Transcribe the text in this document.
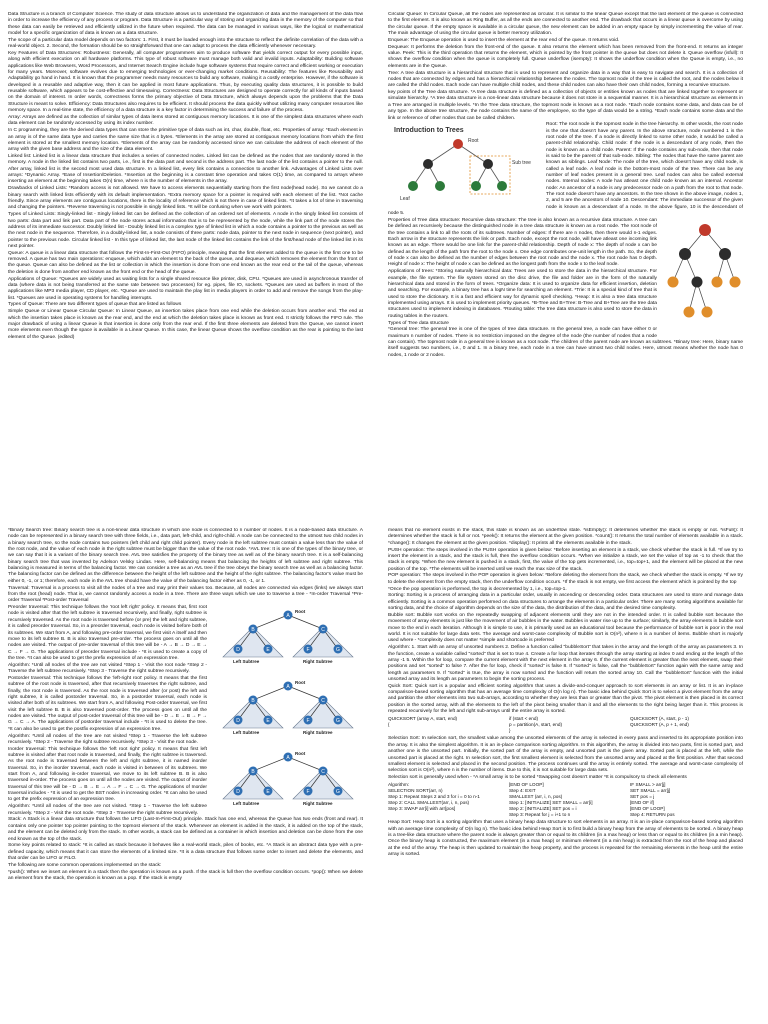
Data Structure is a branch of Computer Science. The study of data structure allows us to understand the organization of data and the management of the data flow in order to increase the efficiency of any process or program. Data Structure is a particular way of storing and organizing data in the memory of the computer so that these data can easily be retrieved and efficiently utilized in the future when required. The data can be managed in various ways, like the logical or mathematical model for a specific organization of data is known as a data structure.

The scope of a particular data model depends on two factors: 1. First, it must be loaded enough into the structure to reflect the definite correlation of the data with a real-world object. 2. Second, the formation should be so straightforward that one can adapt to process the data efficiently whenever necessary.

Key Features of Data Structures: Robustness: Generally, all computer programmers aim to produce software that yields correct output for every possible input, along with efficient execution on all hardware platforms. This type of robust software must manage both valid and invalid inputs. Adaptability: Building software applications like Web Browsers, Word Processors, and Internet Search Engine include huge software systems that require correct and efficient working or execution for many years. Moreover, software evolves due to emerging technologies or ever-changing market conditions. Reusability: The features like Reusability and Adaptability go hand in hand. It is known that the programmer needs many resources to build any software, making it a costly enterprise. However, if the software is developed in a reusable and adaptive way, then it can be applied in most future applications. Thus, by executing quality data structures, it is possible to build reusable software, which appears to be cost-effective and timesaving. Correctness: Data Structures are designed to operate correctly for all kinds of inputs based on the domain of interest. In order words, correctness forms the primary objective of Data Structure, which always depends upon the problems that the Data Structure is meant to solve. Efficiency: Data Structures also requires to be efficient. It should process the data quickly without utilizing many computer resources like memory space. In a real-time state, the efficiency of a data structure is a key factor in determining the success and failure of the process.

Array: Arrays are defined as the collection of similar types of data items stored at contiguous memory locations. It is one of the simplest data structures where each data element can be randomly accessed by using its index number.

In C programming, they are the derived data types that can store the primitive type of data such as int, char, double, float, etc. Properties of array: *Each element in an array is of the same data type and carries the same size that is 4 bytes. *Elements in the array are stored at contiguous memory locations from which the first element is stored at the smallest memory location. *Elements of the array can be randomly accessed since we can calculate the address of each element of the array with the given base address and the size of the data element.

Linked list: Linked list is a linear data structure that includes a series of connected nodes. Linked list can be defined as the nodes that are randomly stored in the memory. A node in the linked list contains two parts, i.e., first is the data part and second is the address part. The last node of the list contains a pointer to the null. After array, linked list is the second most used data structure. In a linked list, every link contains a connection to another link. Advantages of Linked Lists over arrays: *Dynamic Array. *Ease of Insertion/Deletion. *Insertion at the beginning is a constant time operation and takes O(1) time, as compared to arrays where inserting an element at the beginning takes O(n) time, where n is the number of elements in the array.

Drawbacks of Linked Lists: *Random access is not allowed. We have to access elements sequentially starting from the first node(head node). So we cannot do a binary search with linked lists efficiently with its default implementation. *Extra memory space for a pointer is required with each element of the list. *Not cache friendly. Since array elements are contiguous locations, there is the locality of reference which is not there in case of linked lists. *It takes a lot of time in traversing and changing the pointers. *Reverse traversing is not possible in singly linked lists. *It will be confusing when we work with pointers.

Types of Linked Lists: Singly-linked list - Singly linked list can be defined as the collection of an ordered set of elements. A node in the singly linked list consists of two parts: data part and link part. Data part of the node stores actual information that is to be represented by the node, while the link part of the node stores the address of its immediate successor. Doubly linked list - Doubly linked list is a complex type of linked list in which a node contains a pointer to the previous as well as the next node in the sequence. Therefore, in a doubly-linked list, a node consists of three parts: node data, pointer to the next node in sequence (next pointer), and pointer to the previous node. Circular linked list - In this type of linked list, the last node of the linked list contains the link of the first/head node of the linked list in its next pointer.

Queue: A queue is a linear data structure that follows the First-In-First-Out (FIFO) principle, meaning that the first element added to the queue is the first one to be removed. A queue has two main operations: enqueue, which adds an element to the back of the queue, and dequeue, which removes the element from the front of the queue. Queue can also be defined as the list or collection in which the insertion is done from one end known as the rear end or the tail of the queue, whereas the deletion is done from another end known as the front end or the head of the queue.

Applications of Queue: *Queues are widely used as waiting lists for a single shared resource like printer, disk, CPU. *Queues are used in asynchronous transfer of data (where data is not being transferred at the same rate between two processes) for eg. pipes, file IO, sockets. *Queues are used as buffers in most of the applications like MP3 media player, CD player, etc. *Queue are used to maintain the play list in media players in order to add and remove the songs from the play-list. *Queues are used in operating systems for handling interrupts.

Types of Queue: There are two different types of queue that are listed as follows

Simple Queue or Linear Queue Circular Queue: In Linear Queue, an insertion takes place from one end while the deletion occurs from another end. The end at which the insertion takes place is known as the rear end, and the end at which the deletion takes place is known as front end. It strictly follows the FIFO rule. The major drawback of using a linear Queue is that insertion is done only from the rear end. If the first three elements are deleted from the Queue, we cannot insert more elements even though the space is available in a Linear Queue. In this case, the linear Queue shows the overflow condition as the rear is pointing to the last element of the Queue. (edited)

Circular Queue: In Circular Queue, all the nodes are represented as circular. It is similar to the linear Queue except that the last element of the queue is connected to the first element. It is also known as Ring Buffer, as all the ends are connected to another end. The drawback that occurs in a linear queue is overcome by using the circular queue. If the empty space is available in a circular queue, the new element can be added in an empty space by simply incrementing the value of rear. The main advantage of using the circular queue is better memory utilization.

Enqueue: The Enqueue operation is used to insert the element at the rear end of the queue. It returns void.

Dequeue: It performs the deletion from the front-end of the queue. It also returns the element which has been removed from the front-end. It returns an integer value. Peek: This is the third operation that returns the element, which is pointed by the front pointer in the queue but does not delete it. Queue overflow (isfull): It shows the overflow condition when the queue is completely full. Queue underflow (isempty): It shows the underflow condition when the Queue is empty, i.e., no elements are in the Queue.

Tree: A tree data structure is a hierarchical structure that is used to represent and organize data in a way that is easy to navigate and search. It is a collection of nodes that are connected by edges and has a hierarchical relationship between the nodes. The topmost node of the tree is called the root, and the nodes below it are called the child nodes. Each node can have multiple child nodes, and these child nodes can also have their own child nodes, forming a recursive structure.

key points of the Tree data structure. *A tree data structure is defined as a collection of objects or entities known as nodes that are linked together to represent or simulate hierarchy. *A tree data structure is a non-linear data structure because it does not store in a sequential manner. It is a hierarchical structure as elements in a Tree are arranged in multiple levels. *In the Tree data structure, the topmost node is known as a root node. *Each node contains some data, and data can be of any type. In the above tree structure, the node contains the name of the employee, so the type of data would be a string. *Each node contains some data and the link or reference of other nodes that can be called children.

Introduction to Trees
Root
Sub tree
Leaf

Root: The root node is the topmost node in the tree hierarchy. In other words, the root node is the one that doesn't have any parent. In the above structure, node numbered 1 is the root node of the tree. If a node is directly linked to some other node, it would be called a parent-child relationship. Child node: If the node is a descendant of any node, then the node is known as a child node. Parent: If the node contains any sub-node, then that node is said to be the parent of that sub-node. Sibling: The nodes that have the same parent are known as siblings. Leaf Node: The node of the tree, which doesn't have any child node, is called a leaf node. A leaf node is the bottom-most node of the tree. There can be any number of leaf nodes present in a general tree. Leaf nodes can also be called external nodes. Internal nodes: A node has atleast one child node known as an internal. Ancestor node: An ancestor of a node is any predecessor node on a path from the root to that node. The root node doesn't have any ancestors. In the tree shown in the above image, nodes 1, 2, and 5 are the ancestors of node 10. Descendant: The immediate successor of the given node is known as a descendant of a node. In the above figure, 10 is the descendant of node 5.

Properties of Tree data structure: Recursive data structure: The tree is also known as a recursive data structure. A tree can be defined as recursively because the distinguished node in a tree data structure is known as a root node. The root node of the tree contains a link to all the roots of its subtrees. Number of edges: If there are n nodes, then there would n-1 edges. Each arrow in the structure represents the link or path. Each node, except the root node, will have atleast one incoming link known as an edge. There would be one link for the parent-child relationship. Depth of node x: The depth of node x can be defined as the length of the path from the root to the node x. One edge contributes one-unit length in the path. So, the depth of node x can also be defined as the number of edges between the root node and the node x. The root node has 0 depth. Height of node x: The height of node x can be defined as the longest path from the node x to the leaf node.

Applications of trees: *Storing naturally hierarchical data: Trees are used to store the data in the hierarchical structure. For example, the file system. The file system stored on the disc drive, the file and folder are in the form of the naturally hierarchical data and stored in the form of trees. *Organize data: It is used to organize data for efficient insertion, deletion and searching. For example, a binary tree has a logN time for searching an element. *Trie: It is a special kind of tree that is used to store the dictionary. It is a fast and efficient way for dynamic spell checking. *Heap: It is also a tree data structure implemented using arrays. It is used to implement priority queues. *B-Tree and B+Tree: B-Tree and B+Tree are the tree data structures used to implement indexing in databases. *Routing table: The tree data structure is also used to store the data in routing tables in the routers.

Types of Tree data structure

*General tree: The general tree is one of the types of tree data structure. In the general tree, a node can have either 0 or maximum n number of nodes. There is no restriction imposed on the degree of the node (the number of nodes that a node can contain). The topmost node in a general tree is known as a root node. The children of the parent node are known as subtrees. *Binary tree: Here, binary name itself suggests two numbers, i.e., 0 and 1. In a binary tree, each node in a tree can have utmost two child nodes. Here, utmost means whether the node has 0 nodes, 1 node or 2 nodes.

*Binary Search tree: Binary search tree is a non-linear data structure in which one node is connected to n number of nodes. It is a node-based data structure. A node can be represented in a binary search tree with three fields, i.e., data part, left-child, and right-child. A node can be connected to the utmost two child nodes in a binary search tree, so the node contains two pointers (left child and right child pointer). Every node in the left subtree must contain a value less than the value of the root node, and the value of each node in the right subtree must be bigger than the value of the root node. *AVL tree: It is one of the types of the binary tree, or we can say that it is a variant of the binary search tree. AVL tree satisfies the property of the binary tree as well as of the binary search tree. It is a self-balancing binary search tree that was invented by Adelson Velsky Lindas. Here, self-balancing means that balancing the heights of left subtree and right subtree. This balancing is measured in terms of the balancing factor. We can consider a tree as an AVL tree if the tree obeys the binary search tree as well as a balancing factor. The balancing factor can be defined as the difference between the height of the left subtree and the height of the right subtree. The balancing factor's value must be either 0, -1, or 1; therefore, each node in the AVL tree should have the value of the balancing factor either as 0, -1, or 1.

Traversal: Traversal is a process to visit all the nodes of a tree and may print their values too. Because, all nodes are connected via edges (links) we always start from the root (head) node. That is, we cannot randomly access a node in a tree. There are three ways which we use to traverse a tree - *In-order Traversal *Pre-order Traversal *Post-order Traversal

A
B	C
D	E	F	G
Root
Left Subtree	Right Subtree

Preorder traversal: This technique follows the 'root left right' policy. It means that, first root node is visited after that the left subtree is traversed recursively, and finally, right subtree is recursively traversed. As the root node is traversed before (or pre) the left and right subtree, it is called preorder traversal. So, in a preorder traversal, each node is visited before both of its subtrees. We start from A, and following pre-order traversal, we first visit A itself and then move to its left subtree B. B is also traversed pre-order. The process goes on until all the nodes are visited. The output of pre-order traversal of this tree will be - A → B → D → E → C → F → G. The applications of preorder traversal include - *It is used to create a copy of the tree. *It can also be used to get the prefix expression of an expression tree.

Algorithm: *Until all nodes of the tree are not visited *Step 1 - Visit the root node *Step 2 - Traverse the left subtree recursively. *Step 3 - Traverse the right subtree recursively.

A
B	C
D	E	F	G
Root
Left Subtree	Right Subtree

Postorder traversal: This technique follows the 'left-right root' policy. It means that the first subtree of the root node is traversed, after that recursively traverses the right subtree, and finally, the root node is traversed. As the root node is traversed after (or post) the left and right subtree, it is called postorder traversal. So, in a postorder traversal, each node is visited after both of its subtrees. We start from A, and following Post-order traversal, we first visit the left subtree B. B is also traversed post-order. The process goes on until all the nodes are visited. The output of post-order traversal of this tree will be - D → E → B → F → G → C → A. The applications of postorder traversal include - *It is used to delete the tree. *It can also be used to get the postfix expression of an expression tree.

Algorithm: *Until all nodes of the tree are not visited *Step 1 - Traverse the left subtree recursively. *Step 2 - Traverse the right subtree recursively. *Step 3 - Visit the root node.

A
B	C
D	E	F	G
Root
Left Subtree	Right Subtree

Inorder traversal: This technique follows the 'left root right' policy. It means that first left subtree is visited after that root node is traversed, and finally, the right subtree is traversed. As the root node is traversed between the left and right subtree, it is named inorder traversal. So, in the inorder traversal, each node is visited in between of its subtrees. We start from A, and following in-order traversal, we move to its left subtree B. B is also traversed in-order. The process goes on until all the nodes are visited. The output of inorder traversal of this tree will be - D → B → E → A → F → C → G. The applications of Inorder traversal includes - *It is used to get the BST nodes in increasing order. *It can also be used to get the prefix expression of an expression tree.

Algorithm: *Until all nodes of the tree are not visited. *Step 1 - Traverse the left subtree recursively. *Step 2 - Visit the root node. *Step 3 - Traverse the right subtree recursively.

Stack: A Stack is a linear data structure that follows the LIFO (Last-In-First-Out) principle. Stack has one end, whereas the Queue has two ends (front and rear). It contains only one pointer top pointer pointing to the topmost element of the stack. Whenever an element is added in the stack, it is added on the top of the stack, and the element can be deleted only from the stack. In other words, a stack can be defined as a container in which insertion and deletion can be done from the one end known as the top of the stack.

Some key points related to stack: *It is called as stack because it behaves like a real-world stack, piles of books, etc. *A Stack is an abstract data type with a pre-defined capacity, which means that it can store the elements of a limited size. *It is a data structure that follows some order to insert and delete the elements, and that order can be LIFO or FILO.

The following are some common operations implemented on the stack:

*push(): When we insert an element in a stack then the operation is known as a push. If the stack is full then the overflow condition occurs. *pop(): When we delete an element from the stack, the operation is known as a pop. If the stack is empty

means that no element exists in the stack, this state is known as an underflow state. *isEmpty(): It determines whether the stack is empty or not. *isFull(): It determines whether the stack is full or not. *peek(): It returns the element at the given position. *count(): It returns the total number of elements available in a stack. *change(): It changes the element at the given position. *display(): It prints all the elements available in the stack.

PUSH operation: The steps involved in the PUSH operation is given below: *Before inserting an element in a stack, we check whether the stack is full. *If we try to insert the element in a stack, and the stack is full, then the overflow condition occurs. *When we initialize a stack, we set the value of top as -1 to check that the stack is empty. *When the new element is pushed in a stack, first, the value of the top gets incremented, i.e., top=top+1, and the element will be placed at the new position of the top. *The elements will be inserted until we reach the max size of the stack.

POP operation: The steps involved in the POP operation is given below: *Before deleting the element from the stack, we check whether the stack is empty. *If we try to delete the element from the empty stack, then the underflow condition occurs. *If the stack is not empty, we first access the element which is pointed by the top

*Once the pop operation is performed, the top is decremented by 1, i.e., top=top-1.

Sorting: Sorting is a process of arranging data in a particular order, usually in ascending or descending order. Data structures are used to store and manage data efficiently. Sorting is a common operation performed on data structures to arrange the elements in a particular order. There are many sorting algorithms available for sorting data, and the choice of algorithm depends on the size of the data, the distribution of the data, and the desired time complexity.

Bubble sort: Bubble sort works on the repeatedly swapping of adjacent elements until they are not in the intended order. It is called bubble sort because the movement of array elements is just like the movement of air bubbles in the water. Bubbles in water rise up to the surface; similarly, the array elements in bubble sort move to the end in each iteration. Although it is simple to use, it is primarily used as an educational tool because the performance of bubble sort is poor in the real world. It is not suitable for large data sets. The average and worst-case complexity of Bubble sort is O(n²), where n is a number of items. Bubble short is majorly used where - *complexity does not matter *simple and shortcode is preferred

Algorithm: 1. Start with an array of unsorted numbers 2. Define a function called "bubbleSort" that takes in the array and the length of the array as parameters 3. In the function, create a variable called "sorted" that is set to true 4. Create a for loop that iterates through the array starting at index 0 and ending at the length of the array -1 5. Within the for loop, compare the current element with the next element in the array 6. If the current element is greater than the next element, swap their positions and set "sorted" to false 7. After the for loop, check if "sorted" is false 8. If "sorted" is false, call the "bubbleSort" function again with the same array and length as parameters 9. If "sorted" is true, the array is now sorted and the function will return the sorted array 10. Call the "bubbleSort" function with the initial unsorted array and its length as parameters to begin the sorting process.

Quick Sort: Quick sort is a popular and efficient sorting algorithm that uses a divide-and-conquer approach to sort elements in an array or list. It is an in-place comparison-based sorting algorithm that has an average time complexity of O(n log n). The basic idea behind Quick Sort is to select a pivot element from the array and partition the other elements into two sub-arrays, according to whether they are less than or greater than the pivot. The pivot element is then placed in its correct position in the sorted array, with all the elements to the left of the pivot being smaller than it and all the elements to the right being larger than it. This process is repeated recursively for the left and right sub-arrays until the entire array is sorted.

QUICKSORT (array A, start, end)	if (start < end)	QUICKSORT (A, start, p - 1)
{	p = partition(A, start, end)	QUICKSORT (A, p + 1, end)
}

Selection Sort: In selection sort, the smallest value among the unsorted elements of the array is selected in every pass and inserted to its appropriate position into the array. It is also the simplest algorithm. It is an in-place comparison sorting algorithm. In this algorithm, the array is divided into two parts, first is sorted part, and another one is the unsorted part. Initially, the sorted part of the array is empty, and unsorted part is the given array. Sorted part is placed at the left, while the unsorted part is placed at the right. In selection sort, the first smallest element is selected from the unsorted array and placed at the first position. After that second smallest element is selected and placed in the second position. The process continues until the array is entirely sorted. The average and worst-case complexity of selection sort is O(n²), where n is the number of items. Due to this, it is not suitable for large data sets.

Selection sort is generally used when - *A small array is to be sorted *Swapping cost doesn't matter *It is compulsory to check all elements

Algorithm:	[END OF LOOP]	IF SMALL > arr[j]
SELECTION SORT(arr, n)	Step 4: EXIT	SET SMALL = arr[j]
Step 1: Repeat Steps 2 and 3 for i = 0 to n-1	SMALLEST (arr, i, n, pos)	SET pos = j
Step 2: CALL SMALLEST(arr, i, n, pos)	Step 1: [INITIALIZE] SET SMALL = arr[i]	[END OF if]
Step 3: SWAP arr[i] with arr[pos]	Step 2: [INITIALIZE] SET pos = i	[END OF LOOP]
Step 3: Repeat for j = i+1 to n	Step 4: RETURN pos

Heap Sort: Heap Sort is a sorting algorithm that uses a binary heap data structure to sort elements in an array. It is an in-place comparison-based sorting algorithm with an average time complexity of O(n log n). The basic idea behind Heap Sort is to first build a binary heap from the array of elements to be sorted. A binary heap is a tree-like data structure where the parent node is always greater than or equal to its children (in a max heap) or less than or equal to its children (in a min heap). Once the binary heap is constructed, the maximum element (in a max heap) or minimum element (in a min heap) is extracted from the root of the heap and placed at the end of the array. The heap is then updated to maintain the heap property, and the process is repeated for the remaining elements in the heap until the entire array is sorted.
